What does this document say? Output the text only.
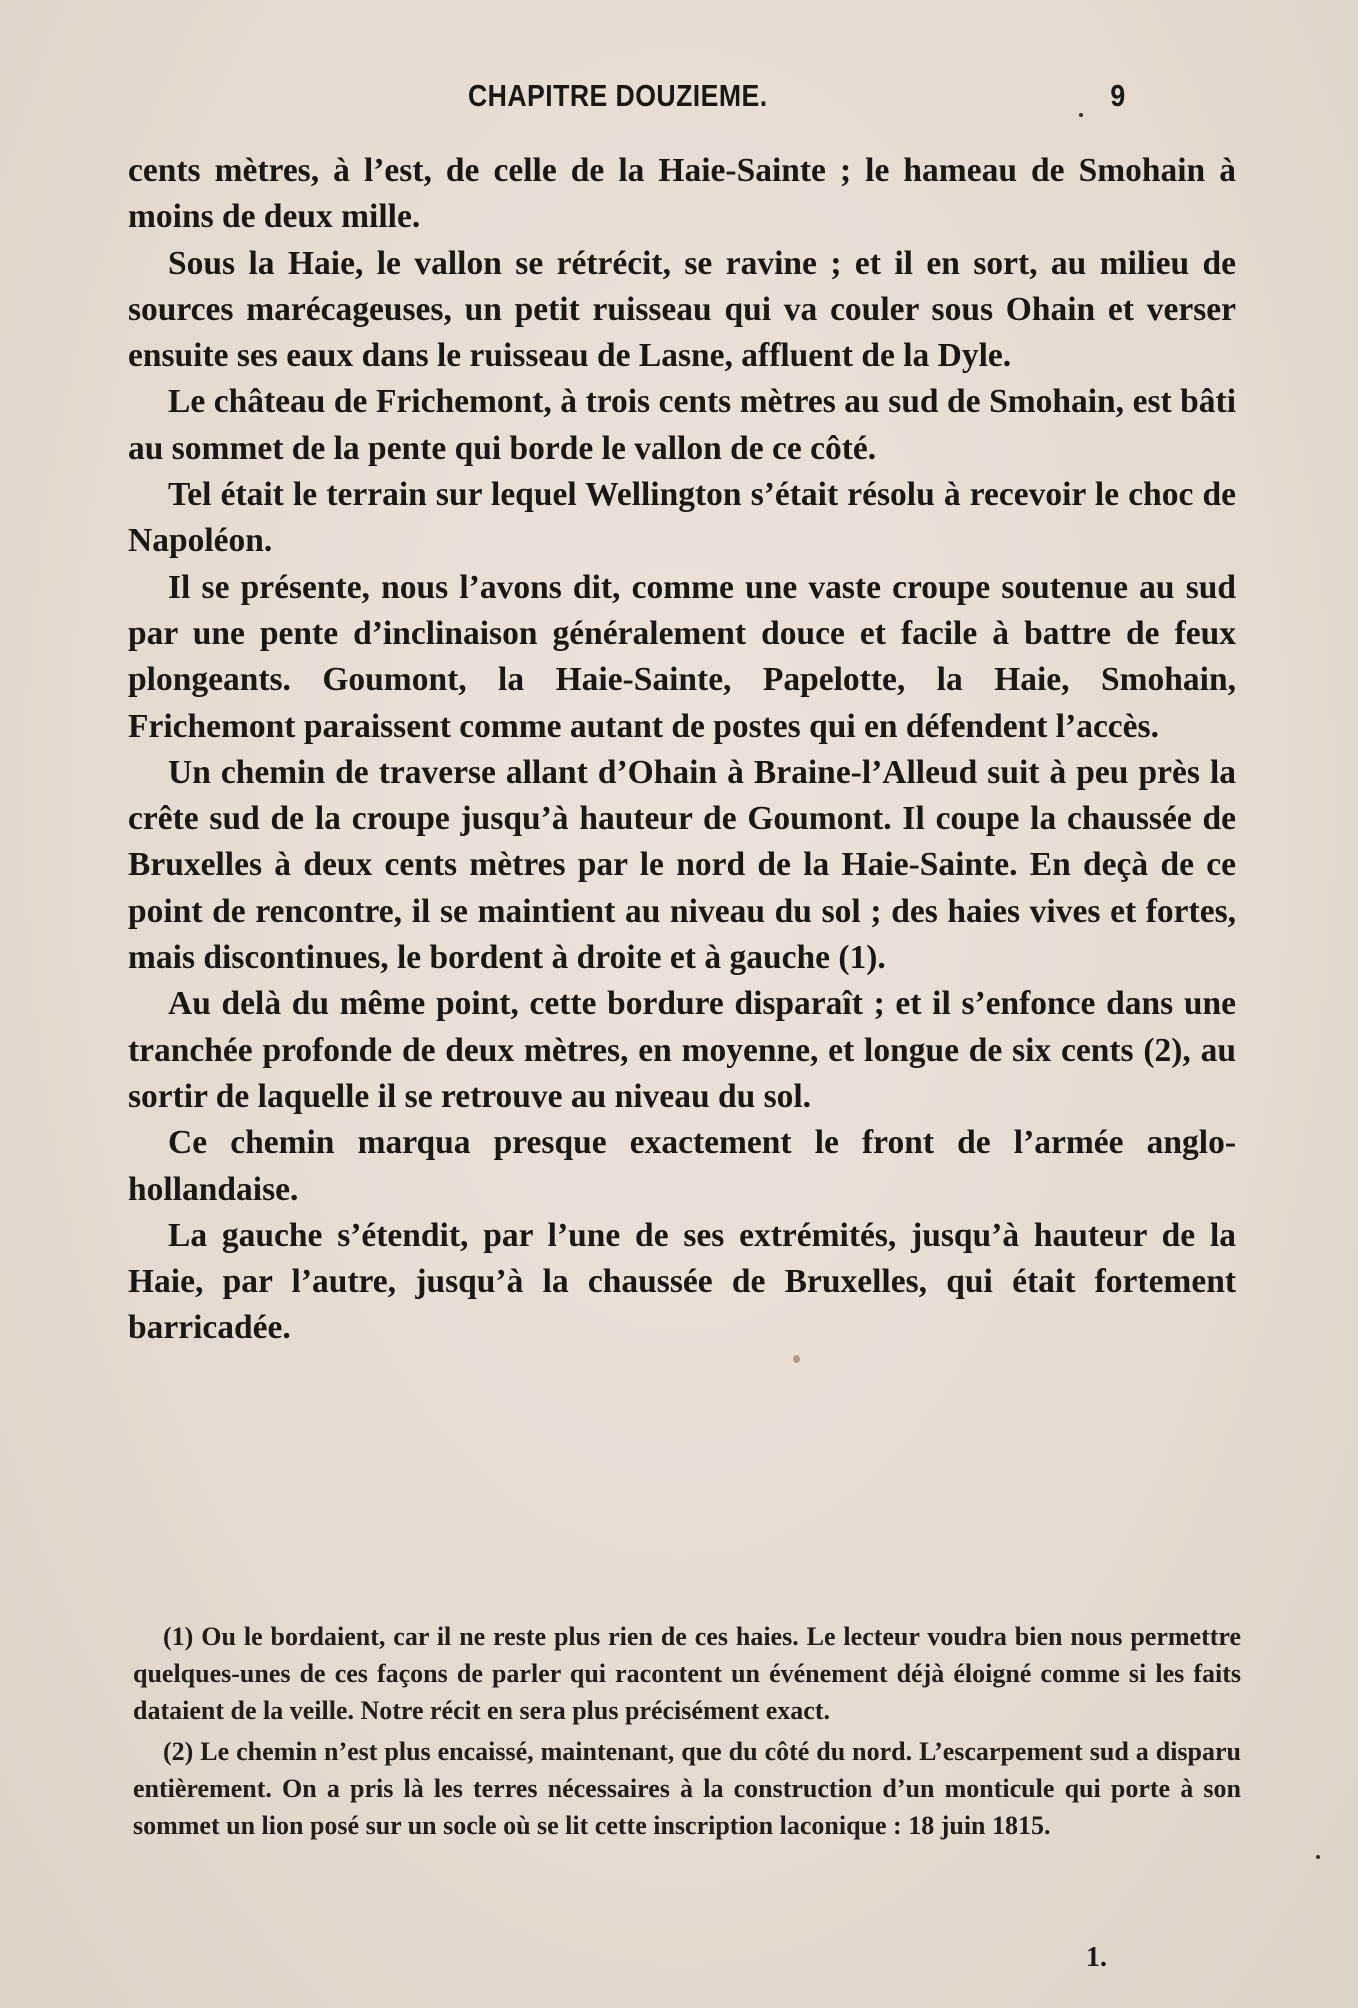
CHAPITRE DOUZIEME.	9

cents mètres, à l’est, de celle de la Haie-Sainte ; le hameau de Smohain à moins de deux mille.

Sous la Haie, le vallon se rétrécit, se ravine ; et il en sort, au milieu de sources marécageuses, un petit ruisseau qui va couler sous Ohain et verser ensuite ses eaux dans le ruisseau de Lasne, affluent de la Dyle.

Le château de Frichemont, à trois cents mètres au sud de Smohain, est bâti au sommet de la pente qui borde le vallon de ce côté.

Tel était le terrain sur lequel Wellington s’était résolu à recevoir le choc de Napoléon.

Il se présente, nous l’avons dit, comme une vaste croupe soutenue au sud par une pente d’inclinaison généralement douce et facile à battre de feux plongeants. Goumont, la Haie-Sainte, Papelotte, la Haie, Smohain, Frichemont paraissent comme autant de postes qui en défendent l’accès.

Un chemin de traverse allant d’Ohain à Braine-l’Alleud suit à peu près la crête sud de la croupe jusqu’à hauteur de Goumont. Il coupe la chaussée de Bruxelles à deux cents mètres par le nord de la Haie-Sainte. En deçà de ce point de rencontre, il se maintient au niveau du sol ; des haies vives et fortes, mais discontinues, le bordent à droite et à gauche (1).

Au delà du même point, cette bordure disparaît ; et il s’enfonce dans une tranchée profonde de deux mètres, en moyenne, et longue de six cents (2), au sortir de laquelle il se retrouve au niveau du sol.

Ce chemin marqua presque exactement le front de l’armée anglo-hollandaise.

La gauche s’étendit, par l’une de ses extrémités, jusqu’à hauteur de la Haie, par l’autre, jusqu’à la chaussée de Bruxelles, qui était fortement barricadée.

(1) Ou le bordaient, car il ne reste plus rien de ces haies. Le lecteur voudra bien nous permettre quelques-unes de ces façons de parler qui racontent un événement déjà éloigné comme si les faits dataient de la veille. Notre récit en sera plus précisément exact.

(2) Le chemin n’est plus encaissé, maintenant, que du côté du nord. L’escarpement sud a disparu entièrement. On a pris là les terres nécessaires à la construction d’un monticule qui porte à son sommet un lion posé sur un socle où se lit cette inscription laconique : 18 juin 1815.

1.
